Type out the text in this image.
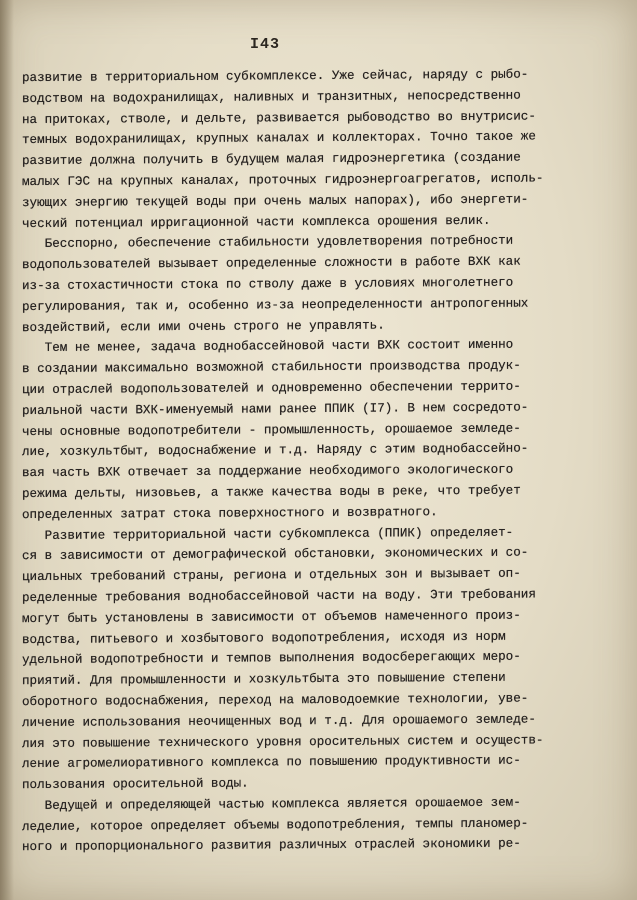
I43
развитие в территориальном субкомплексе. Уже сейчас, наряду с рыбо-
водством на водохранилищах, наливных и транзитных, непосредственно
на притоках, стволе, и дельте, развивается рыбоводство во внутрисис-
темных водохранилищах, крупных каналах и коллекторах. Точно такое же
развитие должна получить в будущем малая гидроэнергетика (создание
малых ГЭС на крупных каналах, проточных гидроэнергоагрегатов, исполь-
зующих энергию текущей воды при очень малых напорах), ибо энергети-
ческий потенциал ирригационной части комплекса орошения велик.
Бесспорно, обеспечение стабильности удовлетворения потребности
водопользователей вызывает определенные сложности в работе ВХК как
из-за стохастичности стока по стволу даже в условиях многолетнего
регулирования, так и, особенно из-за неопределенности антропогенных
воздействий, если ими очень строго не управлять.
Тем не менее, задача воднобассейновой части ВХК состоит именно
в создании максимально возможной стабильности производства продук-
ции отраслей водопользователей и одновременно обеспечении террито-
риальной части ВХК-именуемый нами ранее ППИК (I7). В нем сосредото-
чены основные водопотребители - промышленность, орошаемое земледе-
лие, хозкультбыт, водоснабжение и т.д. Наряду с этим воднобассейно-
вая часть ВХК отвечает за поддержание необходимого экологического
режима дельты, низовьев, а также качества воды в реке, что требует
определенных затрат стока поверхностного и возвратного.
Развитие территориальной части субкомплекса (ППИК) определяет-
ся в зависимости от демографической обстановки, экономических и со-
циальных требований страны, региона и отдельных зон и вызывает оп-
ределенные требования воднобассейновой части на воду. Эти требования
могут быть установлены в зависимости от объемов намеченного произ-
водства, питьевого и хозбытового водопотребления, исходя из норм
удельной водопотребности и темпов выполнения водосберегающих меро-
приятий. Для промышленности и хозкультбыта это повышение степени
оборотного водоснабжения, переход на маловодоемкие технологии, уве-
личение использования неочищенных вод и т.д. Для орошаемого земледе-
лия это повышение технического уровня оросительных систем и осуществ-
ление агромелиоративного комплекса по повышению продуктивности ис-
пользования оросительной воды.
Ведущей и определяющей частью комплекса является орошаемое зем-
леделие, которое определяет объемы водопотребления, темпы планомер-
ного и пропорционального развития различных отраслей экономики ре-
